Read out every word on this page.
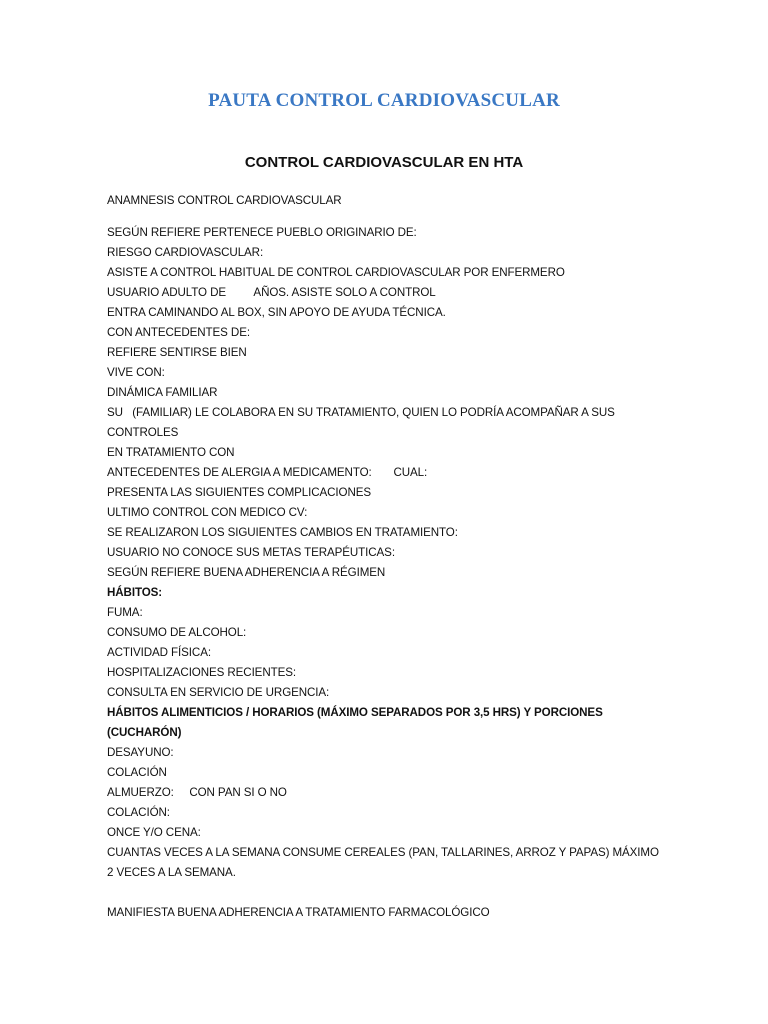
PAUTA CONTROL CARDIOVASCULAR
CONTROL CARDIOVASCULAR EN HTA
ANAMNESIS CONTROL CARDIOVASCULAR
SEGÚN REFIERE PERTENECE PUEBLO ORIGINARIO DE:
RIESGO CARDIOVASCULAR:
ASISTE A CONTROL HABITUAL DE CONTROL CARDIOVASCULAR POR ENFERMERO
USUARIO ADULTO DE         AÑOS. ASISTE SOLO A CONTROL
ENTRA CAMINANDO AL BOX, SIN APOYO DE AYUDA TÉCNICA.
CON ANTECEDENTES DE:
REFIERE SENTIRSE BIEN
VIVE CON:
DINÁMICA FAMILIAR
SU   (FAMILIAR) LE COLABORA EN SU TRATAMIENTO, QUIEN LO PODRÍA ACOMPAÑAR A SUS CONTROLES
EN TRATAMIENTO CON
ANTECEDENTES DE ALERGIA A MEDICAMENTO:       CUAL:
PRESENTA LAS SIGUIENTES COMPLICACIONES
ULTIMO CONTROL CON MEDICO CV:
SE REALIZARON LOS SIGUIENTES CAMBIOS EN TRATAMIENTO:
USUARIO NO CONOCE SUS METAS TERAPÉUTICAS:
SEGÚN REFIERE BUENA ADHERENCIA A RÉGIMEN
HÁBITOS:
FUMA:
CONSUMO DE ALCOHOL:
ACTIVIDAD FÍSICA:
HOSPITALIZACIONES RECIENTES:
CONSULTA EN SERVICIO DE URGENCIA:
HÁBITOS ALIMENTICIOS / HORARIOS (MÁXIMO SEPARADOS POR 3,5 HRS) Y PORCIONES (CUCHARÓN)
DESAYUNO:
COLACIÓN
ALMUERZO:     CON PAN SI O NO
COLACIÓN:
ONCE Y/O CENA:
CUANTAS VECES A LA SEMANA CONSUME CEREALES (PAN, TALLARINES, ARROZ Y PAPAS) MÁXIMO 2 VECES A LA SEMANA.
MANIFIESTA BUENA ADHERENCIA A TRATAMIENTO FARMACOLÓGICO
